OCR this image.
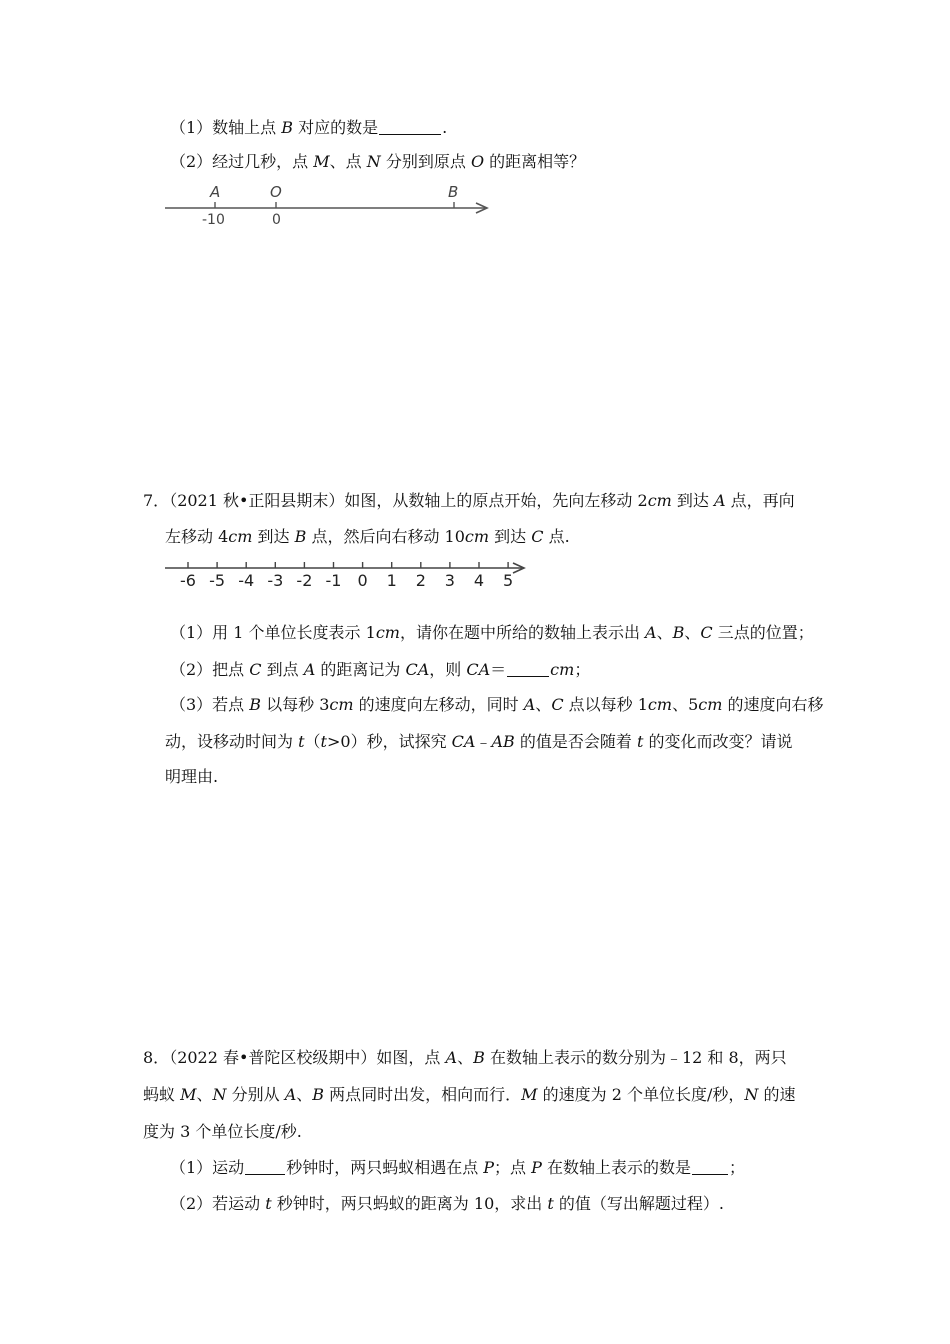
（1）数轴上点 B 对应的数是	.
（2）经过几秒，点 M、点 N 分别到原点 O 的距离相等？
A	O	B
-10	0
7．（2021 秋•正阳县期末）如图，从数轴上的原点开始，先向左移动 2cm 到达 A 点，再向
左移动 4cm 到达 B 点，然后向右移动 10cm 到达 C 点.
-6 -5 -4 -3 -2 -1 0 1 2 3 4 5
（1）用 1 个单位长度表示 1cm，请你在题中所给的数轴上表示出 A、B、C 三点的位置；
（2）把点 C 到点 A 的距离记为 CA，则 CA＝	cm；
（3）若点 B 以每秒 3cm 的速度向左移动，同时 A、C 点以每秒 1cm、5cm 的速度向右移
动，设移动时间为 t（t>0）秒，试探究 CA﹣AB 的值是否会随着 t 的变化而改变？请说
明理由.
8．（2022 春•普陀区校级期中）如图，点 A、B 在数轴上表示的数分别为﹣12 和 8，两只
蚂蚁 M、N 分别从 A、B 两点同时出发，相向而行．M 的速度为 2 个单位长度/秒，N 的速
度为 3 个单位长度/秒.
（1）运动	秒钟时，两只蚂蚁相遇在点 P；点 P 在数轴上表示的数是 ；
（2）若运动 t 秒钟时，两只蚂蚁的距离为 10，求出 t 的值（写出解题过程）.
